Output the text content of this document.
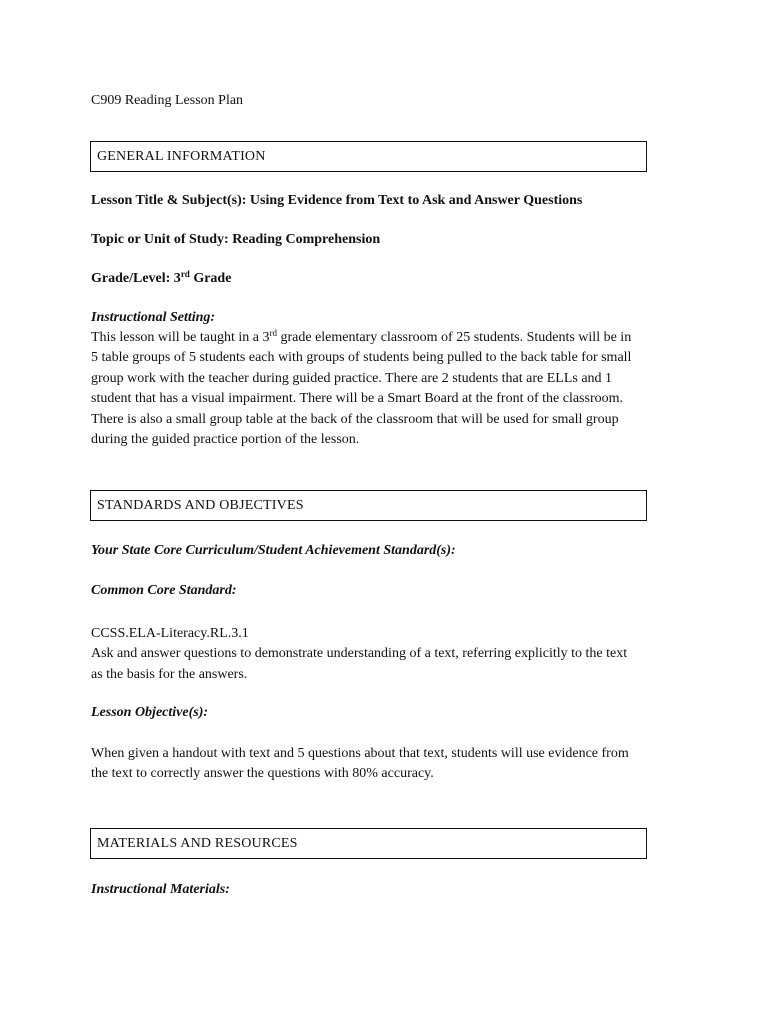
C909 Reading Lesson Plan
GENERAL INFORMATION
Lesson Title & Subject(s): Using Evidence from Text to Ask and Answer Questions
Topic or Unit of Study: Reading Comprehension
Grade/Level: 3rd Grade
Instructional Setting:

This lesson will be taught in a 3rd grade elementary classroom of 25 students. Students will be in

5 table groups of 5 students each with groups of students being pulled to the back table for small

group work with the teacher during guided practice. There are 2 students that are ELLs and 1

student that has a visual impairment. There will be a Smart Board at the front of the classroom.

There is also a small group table at the back of the classroom that will be used for small group

during the guided practice portion of the lesson.

STANDARDS AND OBJECTIVES
Your State Core Curriculum/Student Achievement Standard(s):
Common Core Standard:

CCSS.ELA-Literacy.RL.3.1

Ask and answer questions to demonstrate understanding of a text, referring explicitly to the text

as the basis for the answers.

Lesson Objective(s):

When given a handout with text and 5 questions about that text, students will use evidence from

the text to correctly answer the questions with 80% accuracy.

MATERIALS AND RESOURCES
Instructional Materials:
